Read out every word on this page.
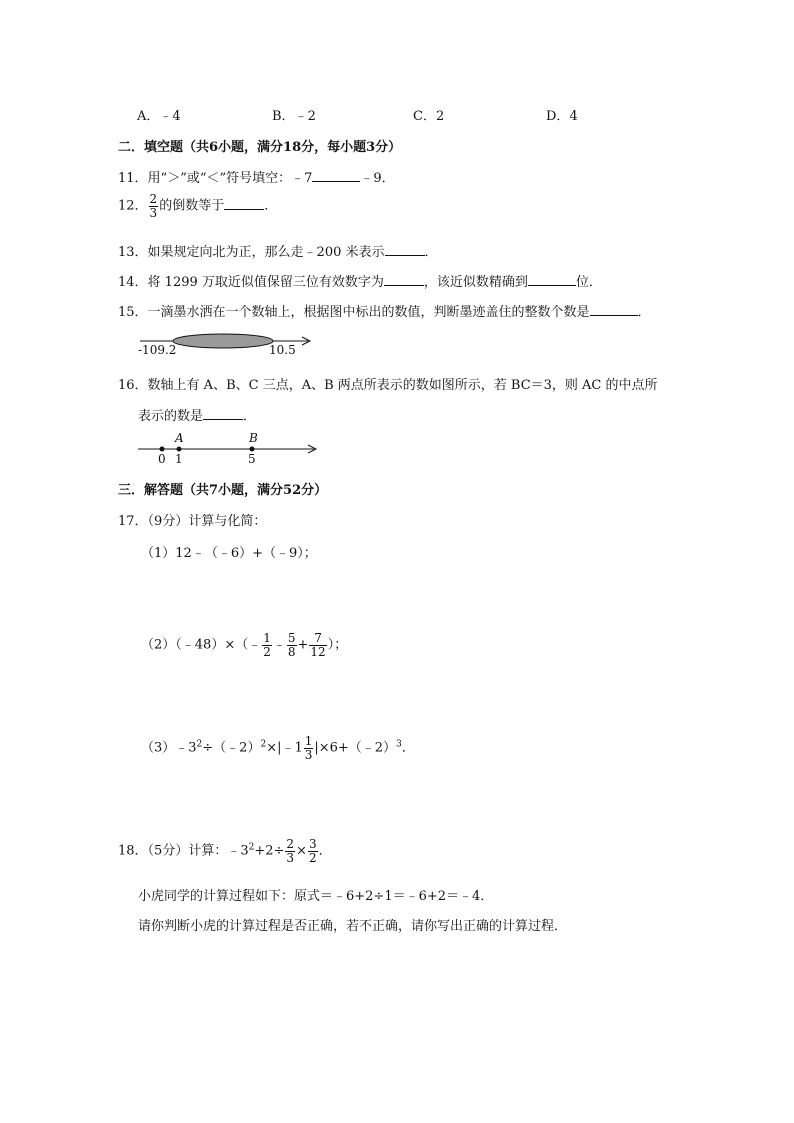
A．﹣4	B．﹣2	C．2	D．4
二．填空题（共6小题，满分18分，每小题3分）
11．用“＞”或“＜”符号填空：﹣7	﹣9．
12． $\frac{2}{3}$ 的倒数等于	．
13．如果规定向北为正，那么走﹣200 米表示	．
14．将 1299 万取近似值保留三位有效数字为	，该近似数精确到	位．
15．一滴墨水洒在一个数轴上，根据图中标出的数值，判断墨迹盖住的整数个数是	．
-109.2	10.5
16．数轴上有 A、B、C 三点，A、B 两点所表示的数如图所示，若 BC＝3，则 AC 的中点所
表示的数是	．
A	B
0 1	5
三．解答题（共7小题，满分52分）
17．（9分）计算与化简：
（1）12﹣（﹣6）+（﹣9）；
（2）（﹣48）×（﹣ $\frac{1}{2}$ ﹣ $\frac{5}{8} + \frac{7}{12}$ ）；
$(3)﹣3^2\div(﹣2)^2\times|﹣1 \frac{1}{3}$ |×6+（﹣2）$^3$．
18．（5分）计算：$﹣3^2+2\div \frac{2}{3} \times \frac{3}{2}$ ．
小虎同学的计算过程如下：原式＝﹣6+2÷1＝﹣6+2＝﹣4．
请你判断小虎的计算过程是否正确，若不正确，请你写出正确的计算过程．
